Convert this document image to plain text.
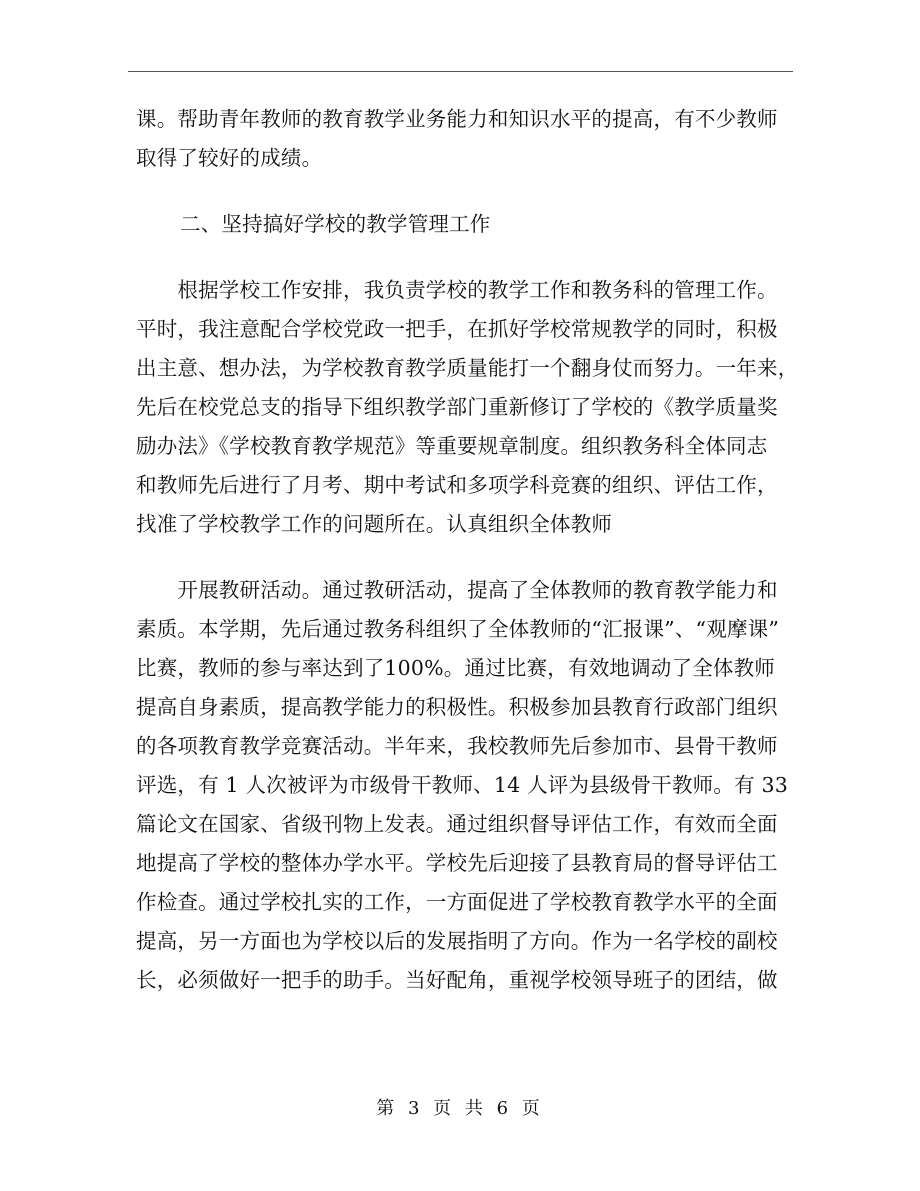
课。帮助青年教师的教育教学业务能力和知识水平的提高，有不少教师
取得了较好的成绩。
二、坚持搞好学校的教学管理工作
　　根据学校工作安排，我负责学校的教学工作和教务科的管理工作。
平时，我注意配合学校党政一把手，在抓好学校常规教学的同时，积极
出主意、想办法，为学校教育教学质量能打一个翻身仗而努力。一年来，
先后在校党总支的指导下组织教学部门重新修订了学校的《教学质量奖
励办法》《学校教育教学规范》等重要规章制度。组织教务科全体同志
和教师先后进行了月考、期中考试和多项学科竞赛的组织、评估工作，
找准了学校教学工作的问题所在。认真组织全体教师
　　开展教研活动。通过教研活动，提高了全体教师的教育教学能力和
素质。本学期，先后通过教务科组织了全体教师的“汇报课”、“观摩课”
比赛，教师的参与率达到了100%。通过比赛，有效地调动了全体教师
提高自身素质，提高教学能力的积极性。积极参加县教育行政部门组织
的各项教育教学竞赛活动。半年来，我校教师先后参加市、县骨干教师
评选，有 1 人次被评为市级骨干教师、14 人评为县级骨干教师。有 33
篇论文在国家、省级刊物上发表。通过组织督导评估工作，有效而全面
地提高了学校的整体办学水平。学校先后迎接了县教育局的督导评估工
作检查。通过学校扎实的工作，一方面促进了学校教育教学水平的全面
提高，另一方面也为学校以后的发展指明了方向。作为一名学校的副校
长，必须做好一把手的助手。当好配角，重视学校领导班子的团结，做
第 3 页 共 6 页
